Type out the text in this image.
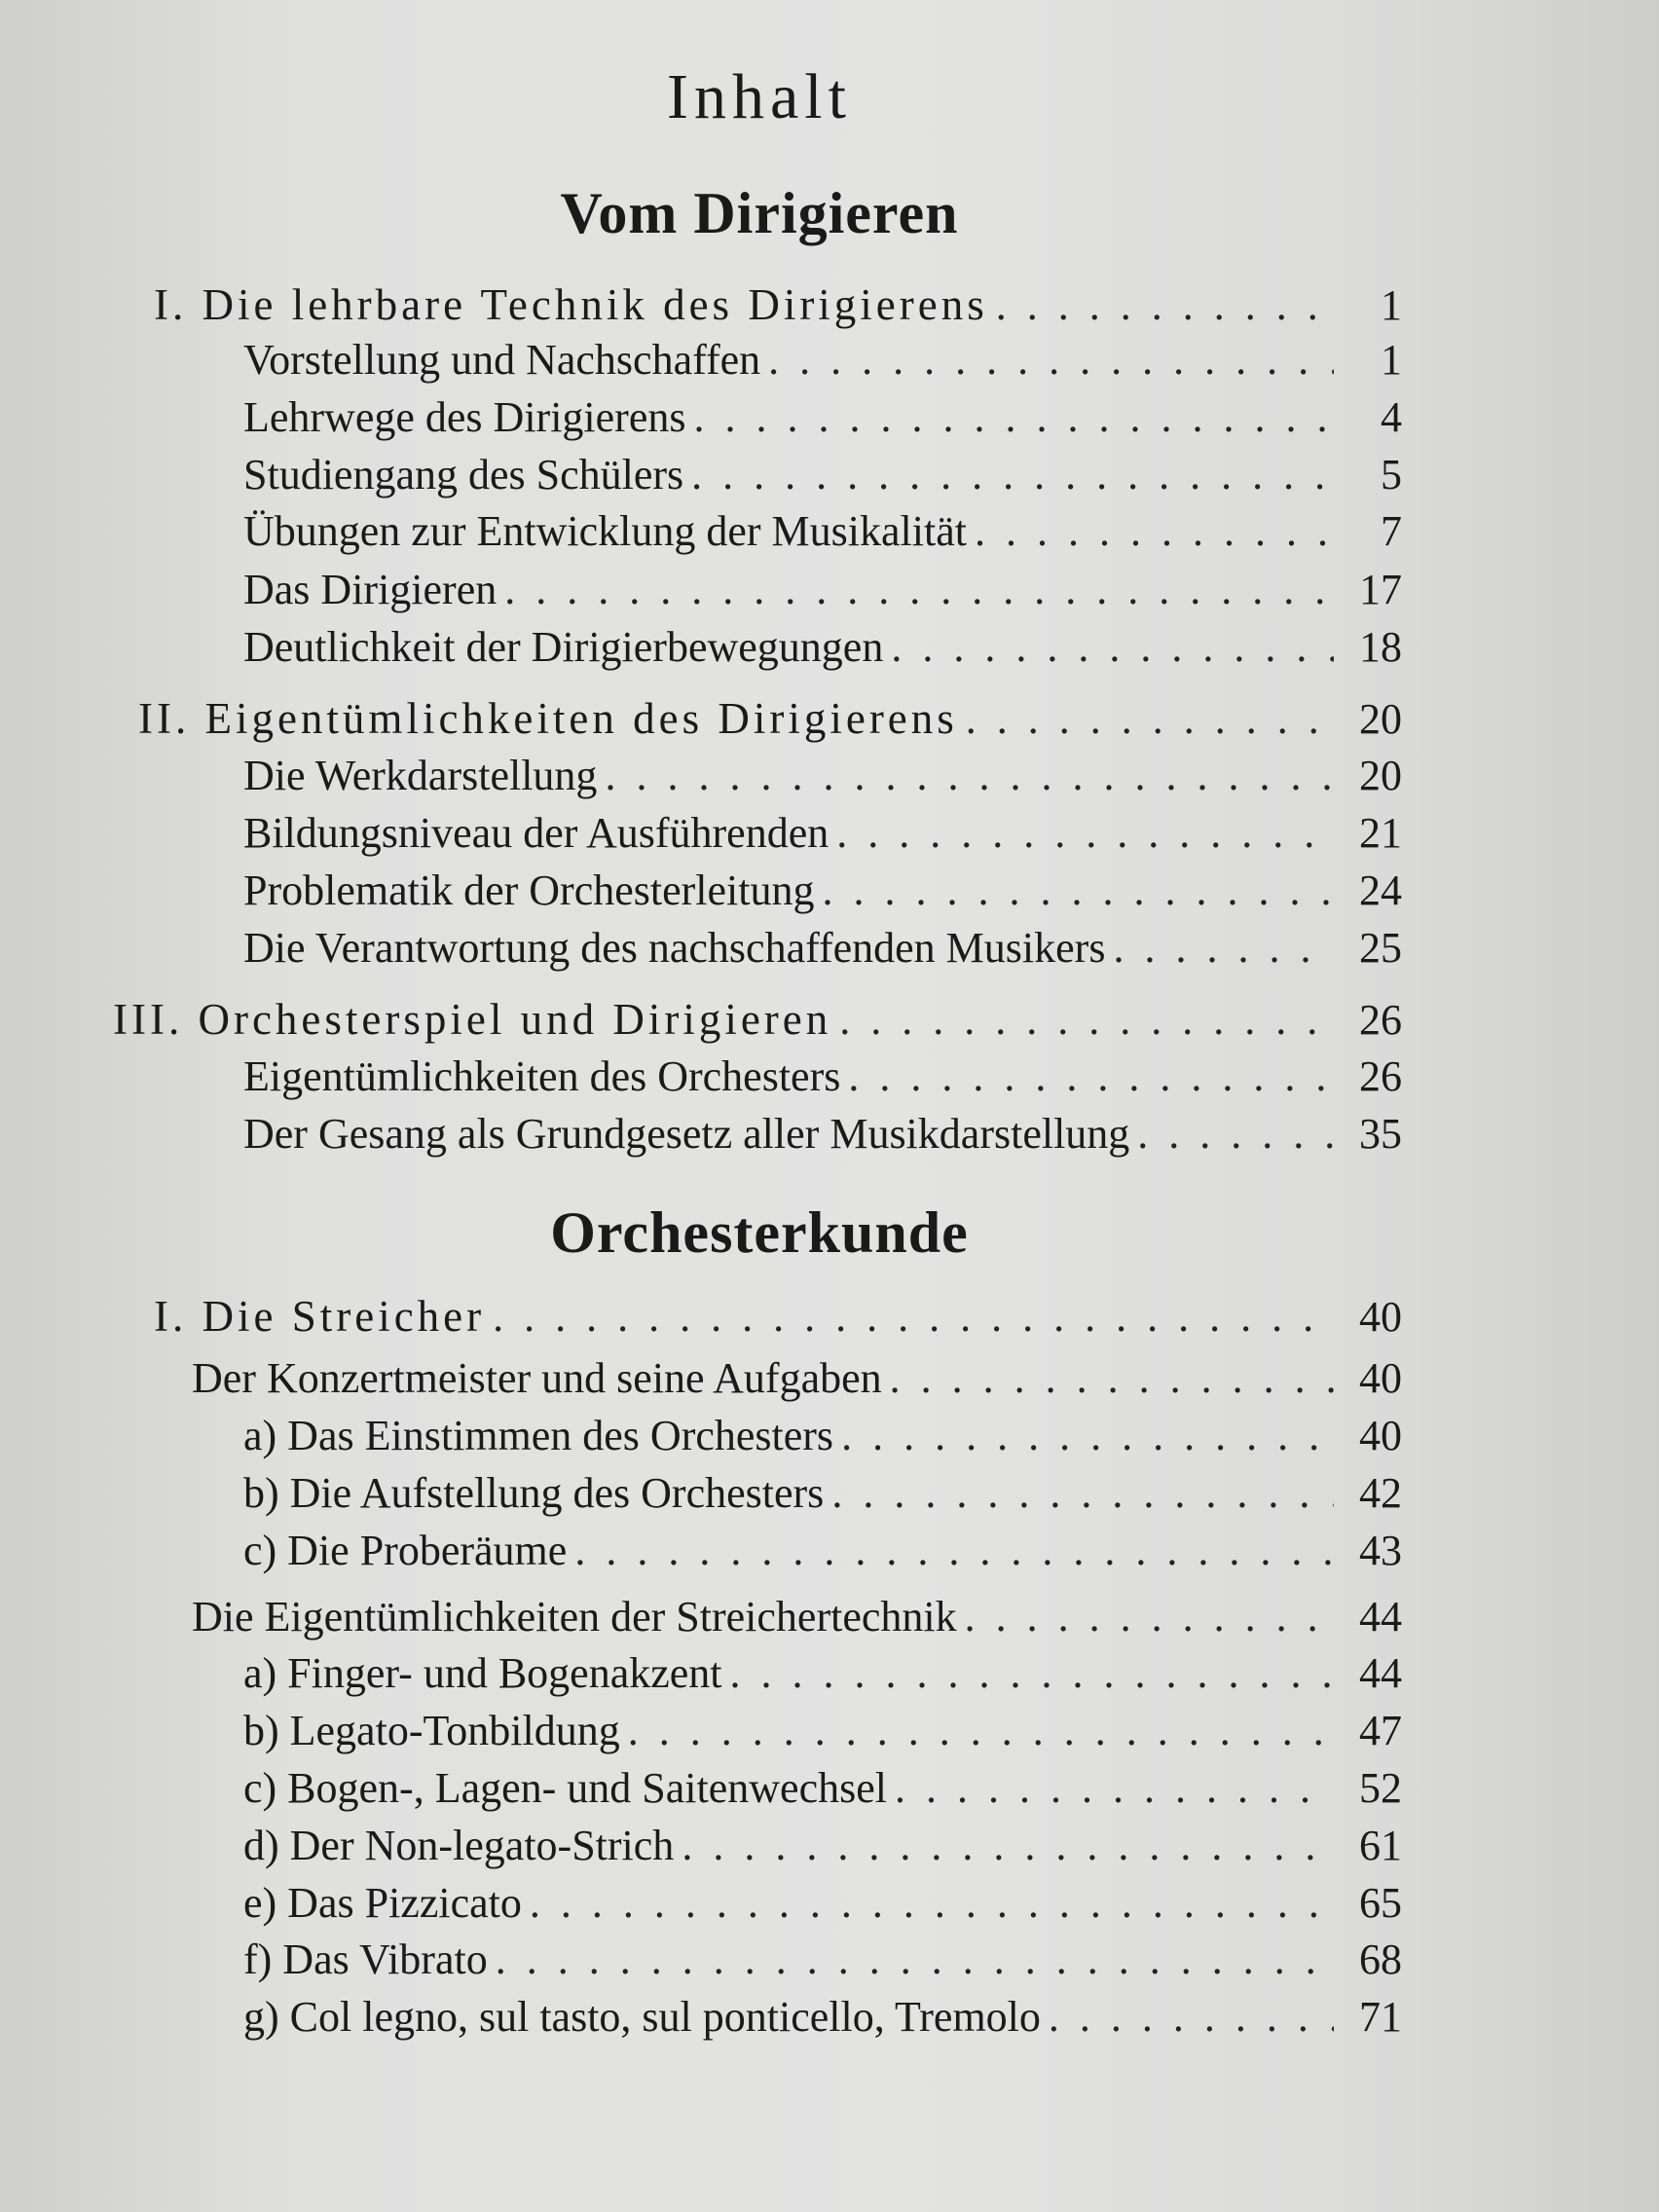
Inhalt
Vom Dirigieren
Orchesterkunde
I. Die lehrbare Technik des Dirigierens . . .	1
Vorstellung und Nachschaffen . . .	1
Lehrwege des Dirigierens . . .	4
Studiengang des Schülers . . .	5
Übungen zur Entwicklung der Musikalität . . .	7
Das Dirigieren . . .	17
Deutlichkeit der Dirigierbewegungen . . .	18
II. Eigentümlichkeiten des Dirigierens . . .	20
Die Werkdarstellung . . .	20
Bildungsniveau der Ausführenden . . .	21
Problematik der Orchesterleitung . . .	24
Die Verantwortung des nachschaffenden Musikers . . .	25
III. Orchesterspiel und Dirigieren . . .	26
Eigentümlichkeiten des Orchesters . . .	26
Der Gesang als Grundgesetz aller Musikdarstellung . . .	35
I. Die Streicher . . .	40
Der Konzertmeister und seine Aufgaben . . .	40
a) Das Einstimmen des Orchesters . . .	40
b) Die Aufstellung des Orchesters . . .	42
c) Die Proberäume . . .	43
Die Eigentümlichkeiten der Streichertechnik . . .	44
a) Finger- und Bogenakzent . . .	44
b) Legato-Tonbildung . . .	47
c) Bogen-, Lagen- und Saitenwechsel . . .	52
d) Der Non-legato-Strich . . .	61
e) Das Pizzicato . . .	65
f) Das Vibrato . . .	68
g) Col legno, sul tasto, sul ponticello, Tremolo . . .	71
